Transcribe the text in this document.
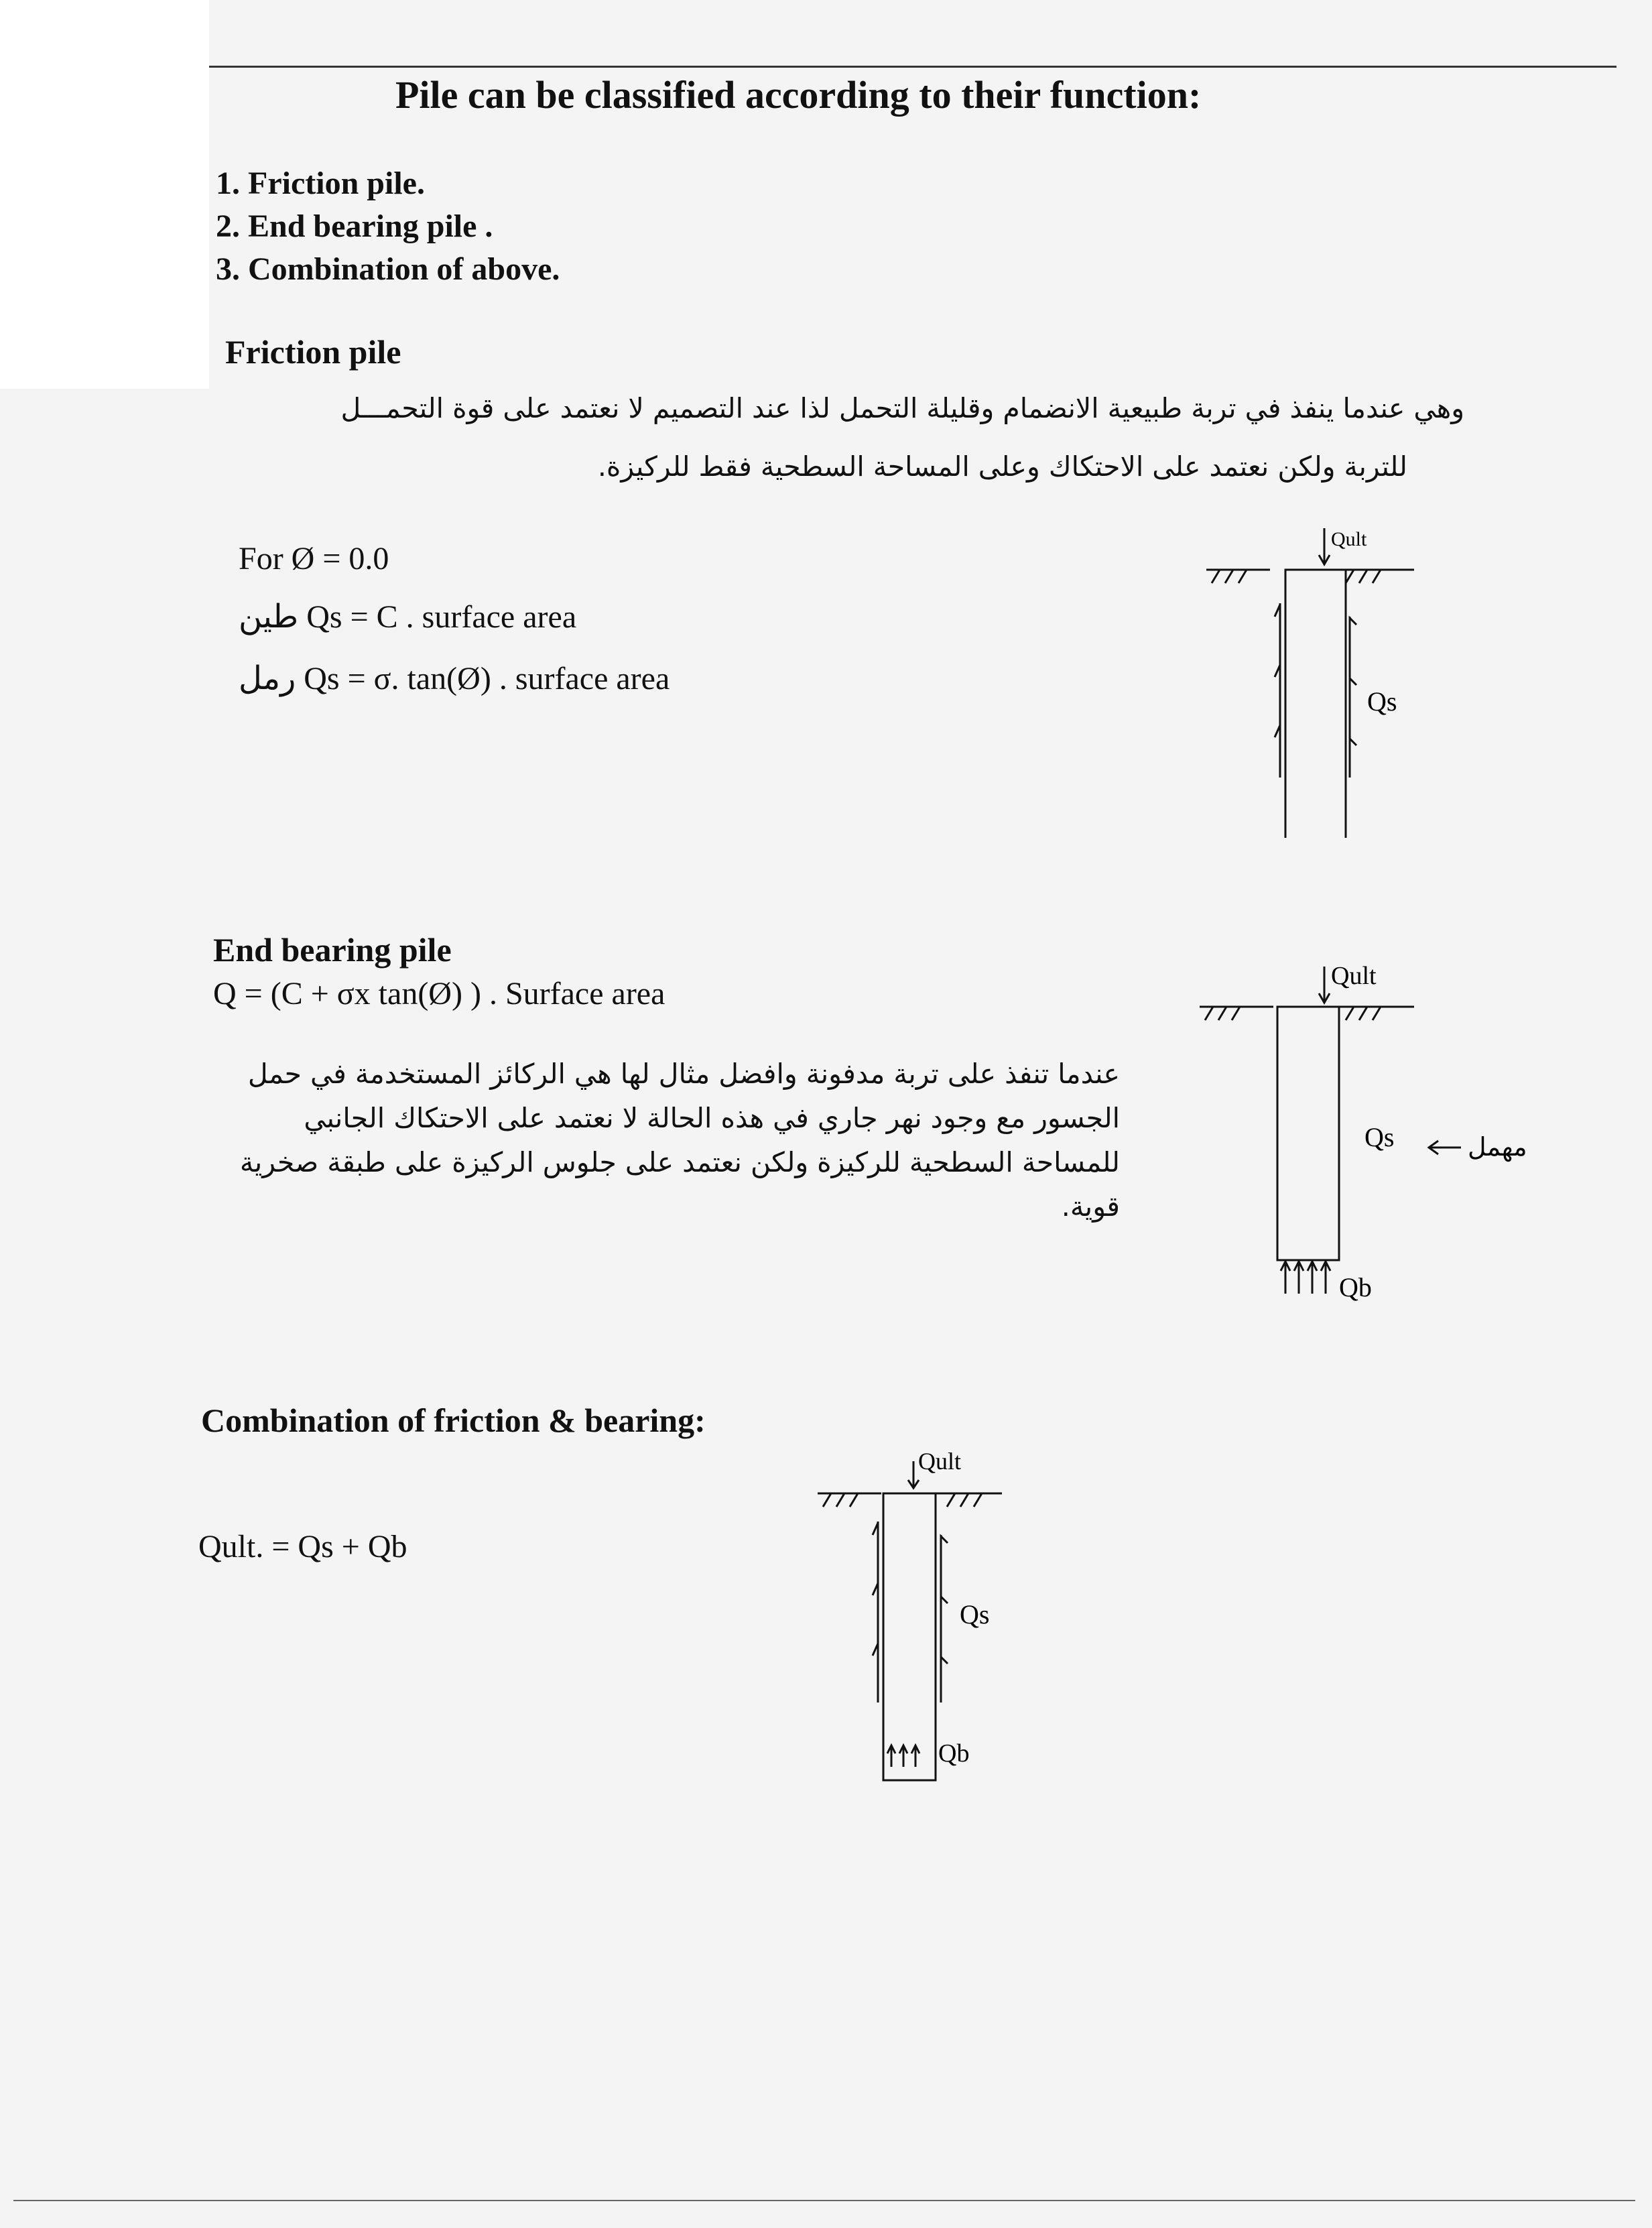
Pile can be classified according to their function:
1. Friction pile.
2. End bearing pile .
3. Combination of above.
Friction pile
وهي عندما ينفذ في تربة طبيعية الانضمام وقليلة التحمل لذا عند التصميم لا نعتمد على قوة التحمـــل
للتربة ولكن نعتمد على الاحتكاك وعلى المساحة السطحية فقط للركيزة.
For Ø = 0.0
طين Qs = C . surface area
رمل Qs = σ. tan(Ø) . surface area
Qult
Qs
End bearing pile
Q = (C + σx tan(Ø) ) . Surface area
عندما تنفذ على تربة مدفونة وافضل مثال لها هي الركائز المستخدمة في حمل
الجسور مع وجود نهر جاري في هذه الحالة لا نعتمد على الاحتكاك الجانبي
للمساحة السطحية للركيزة ولكن نعتمد على جلوس الركيزة على طبقة صخرية
قوية.
Qult
Qs
Qb
مهمل
Combination of friction & bearing:
Qult. = Qs + Qb
Qult
Qs
Qb
